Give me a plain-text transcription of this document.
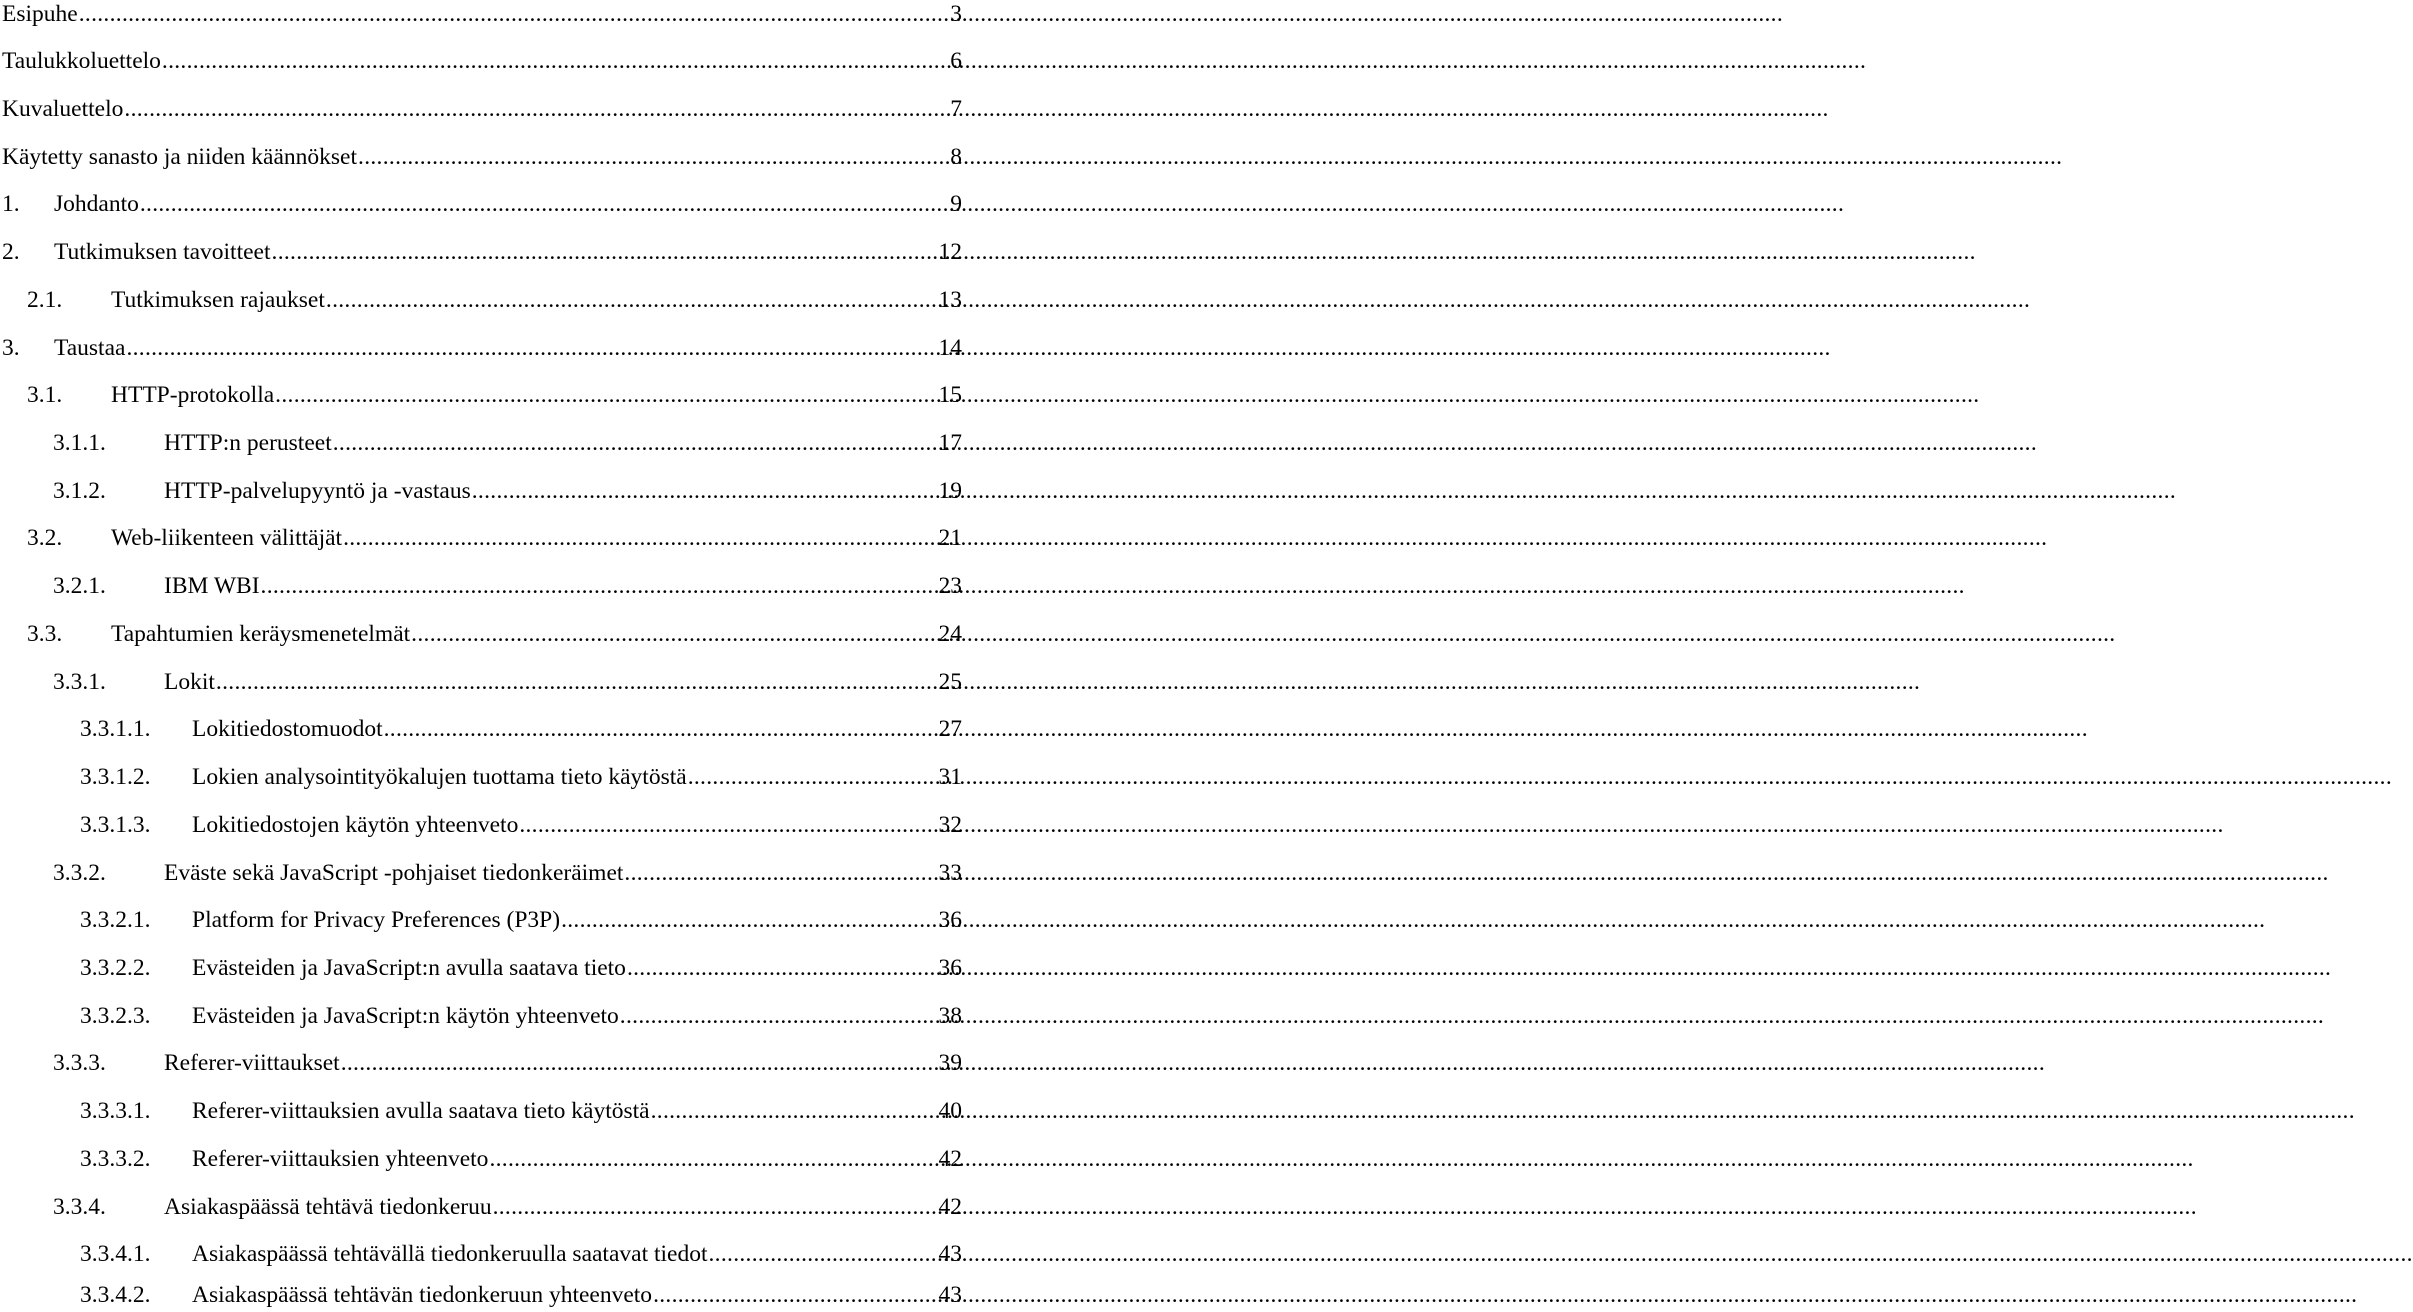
Esipuhe .....	3
Taulukkoluettelo .....	6
Kuvaluettelo .....	7
Käytetty sanasto ja niiden käännökset .....	8
1.	Johdanto .....	9
2.	Tutkimuksen tavoitteet .....	12
2.1.	Tutkimuksen rajaukset .....	13
3.	Taustaa .....	14
3.1.	HTTP-protokolla .....	15
3.1.1.	HTTP:n perusteet .....	17
3.1.2.	HTTP-palvelupyyntö ja -vastaus .....	19
3.2.	Web-liikenteen välittäjät .....	21
3.2.1.	IBM WBI .....	23
3.3.	Tapahtumien keräysmenetelmät .....	24
3.3.1.	Lokit .....	25
3.3.1.1.	Lokitiedostomuodot .....	27
3.3.1.2.	Lokien analysointityökalujen tuottama tieto käytöstä .....	31
3.3.1.3.	Lokitiedostojen käytön yhteenveto .....	32
3.3.2.	Eväste sekä JavaScript -pohjaiset tiedonkeräimet .....	33
3.3.2.1.	Platform for Privacy Preferences (P3P) .....	36
3.3.2.2.	Evästeiden ja JavaScript:n avulla saatava tieto .....	36
3.3.2.3.	Evästeiden ja JavaScript:n käytön yhteenveto .....	38
3.3.3.	Referer-viittaukset .....	39
3.3.3.1.	Referer-viittauksien avulla saatava tieto käytöstä .....	40
3.3.3.2.	Referer-viittauksien yhteenveto .....	42
3.3.4.	Asiakaspäässä tehtävä tiedonkeruu .....	42
3.3.4.1.	Asiakaspäässä tehtävällä tiedonkeruulla saatavat tiedot .....	43
3.3.4.2.	Asiakaspäässä tehtävän tiedonkeruun yhteenveto .....	43
